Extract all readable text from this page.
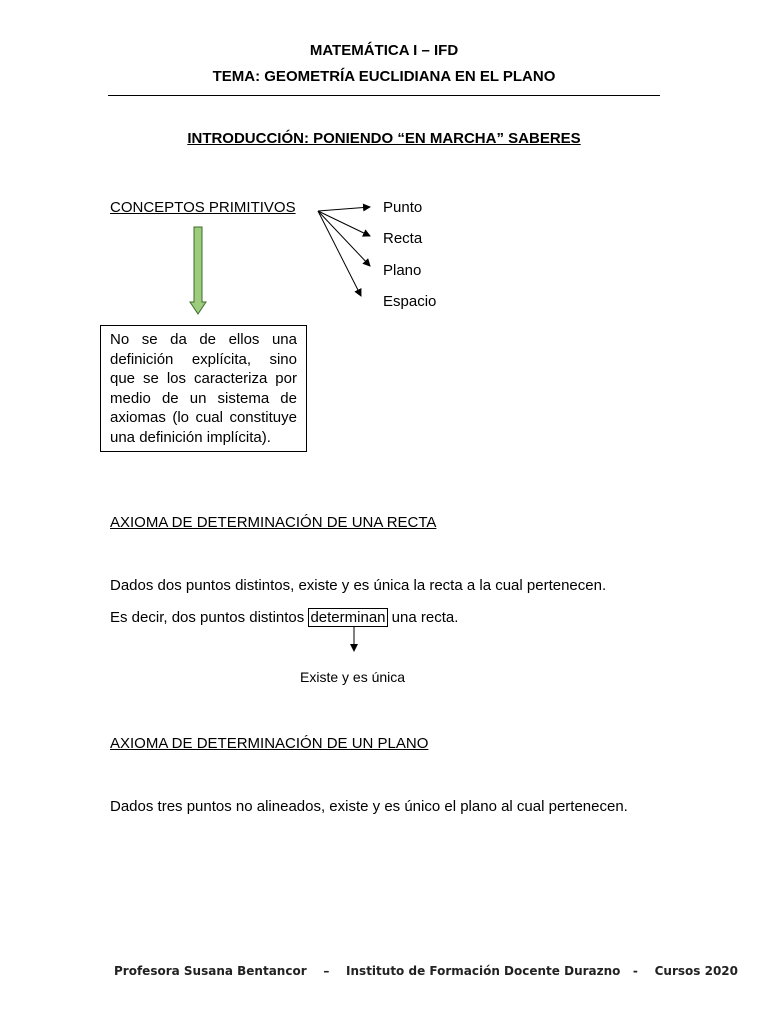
MATEMÁTICA I – IFD
TEMA: GEOMETRÍA EUCLIDIANA EN EL PLANO
INTRODUCCIÓN: PONIENDO “EN MARCHA” SABERES
CONCEPTOS PRIMITIVOS	Punto
Recta
Plano
Espacio
No se da de ellos una definición explícita, sino que se los caracteriza por medio de un sistema de axiomas (lo cual constituye una definición implícita).
AXIOMA DE DETERMINACIÓN DE UNA RECTA
Dados dos puntos distintos, existe y es única la recta a la cual pertenecen.
Es decir, dos puntos distintos determinan una recta.
Existe y es única
AXIOMA DE DETERMINACIÓN DE UN PLANO
Dados tres puntos no alineados, existe y es único el plano al cual pertenecen.
Profesora Susana Bentancor    –    Instituto de Formación Docente Durazno   -    Cursos 2020
